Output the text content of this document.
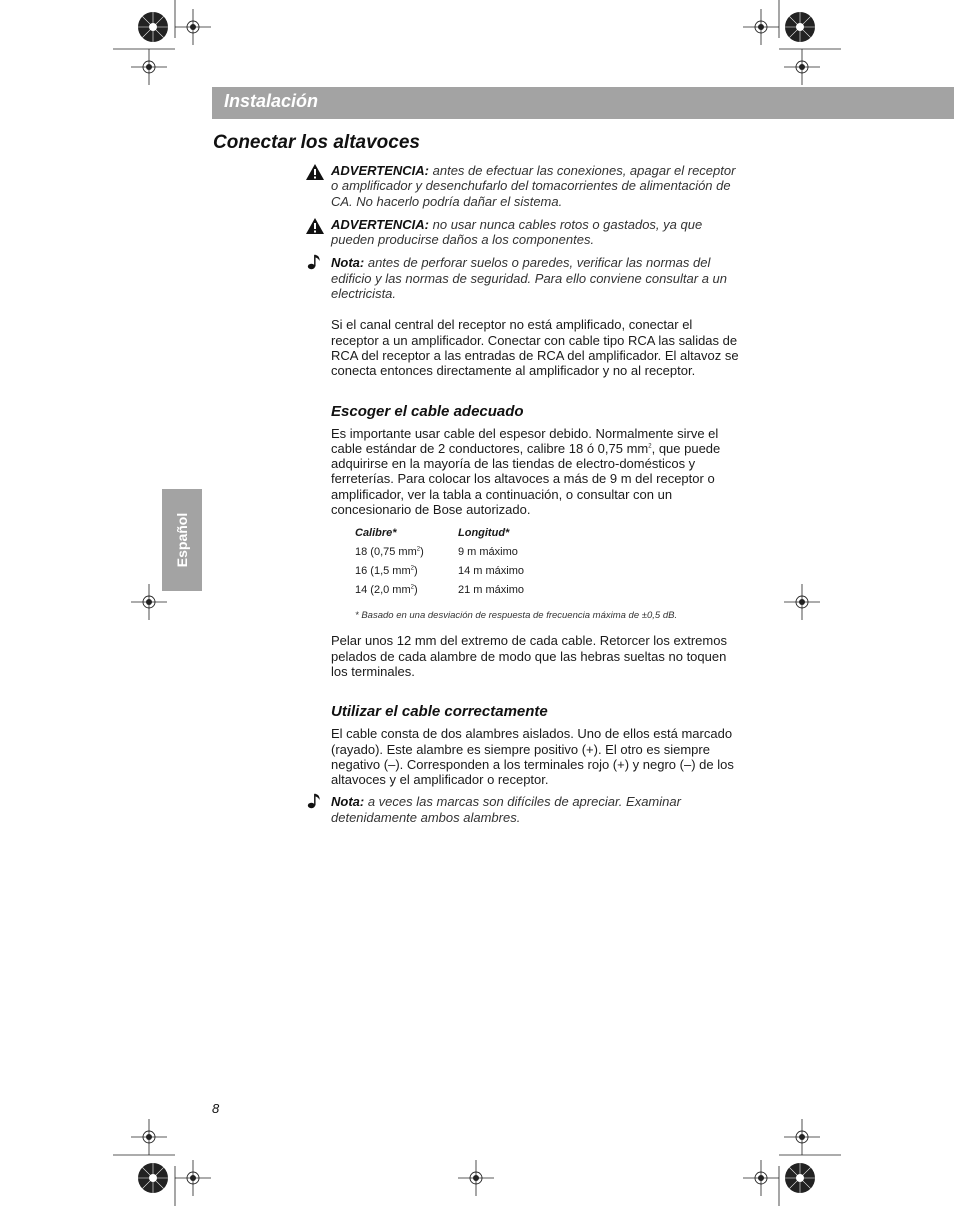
Instalación
Conectar los altavoces
Español
ADVERTENCIA: antes de efectuar las conexiones, apagar el receptor o amplificador y desenchufarlo del tomacorrientes de alimentación de CA. No hacerlo podría dañar el sistema.
ADVERTENCIA: no usar nunca cables rotos o gastados, ya que pueden producirse daños a los componentes.
Nota: antes de perforar suelos o paredes, verificar las normas del edificio y las normas de seguridad. Para ello conviene consultar a un electricista.

Si el canal central del receptor no está amplificado, conectar el receptor a un amplificador. Conectar con cable tipo RCA las salidas de RCA del receptor a las entradas de RCA del amplificador. El altavoz se conecta entonces directamente al amplificador y no al receptor.

Escoger el cable adecuado

Es importante usar cable del espesor debido. Normalmente sirve el cable estándar de 2 conductores, calibre 18 ó 0,75 $mm^2$, que puede adquirirse en la mayoría de las tiendas de electro-domésticos y ferreterías. Para colocar los altavoces a más de 9 m del receptor o amplificador, ver la tabla a continuación, o consultar con un concesionario de Bose autorizado.

Calibre*	Longitud*
18 (0,75 $mm^2$)	9 m máximo
16 (1,5 $mm^2$)	14 m máximo
14 (2,0 $mm^2$)	21 m máximo
* Basado en una desviación de respuesta de frecuencia máxima de ±0,5 dB.

Pelar unos 12 mm del extremo de cada cable. Retorcer los extremos pelados de cada alambre de modo que las hebras sueltas no toquen los terminales.

Utilizar el cable correctamente

El cable consta de dos alambres aislados. Uno de ellos está marcado (rayado). Este alambre es siempre positivo (+). El otro es siempre negativo (–). Corresponden a los terminales rojo (+) y negro (–) de los altavoces y el amplificador o receptor.

Nota: a veces las marcas son difíciles de apreciar. Examinar detenidamente ambos alambres.
8
